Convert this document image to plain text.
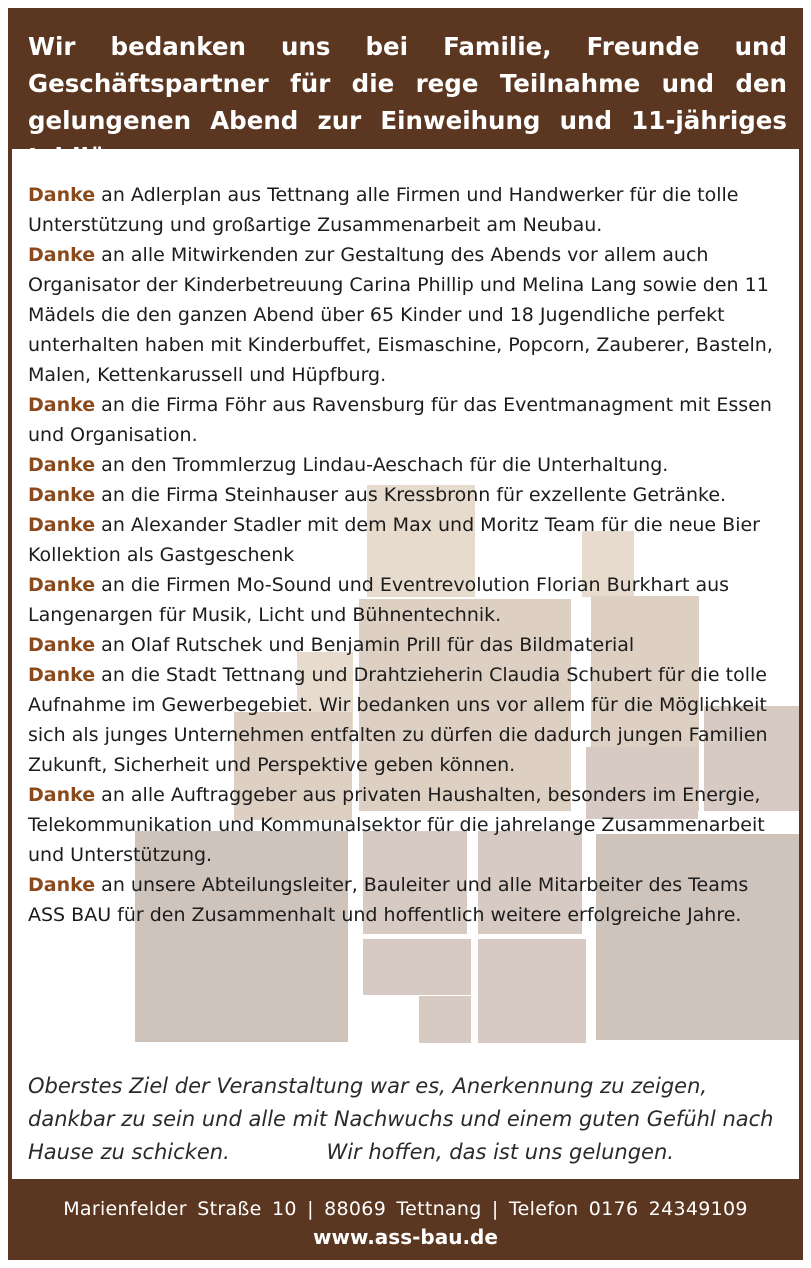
Wir bedanken uns bei Familie, Freunde und Geschäftspartner für die rege Teilnahme und den gelungenen Abend zur Einweihung und 11-jähriges

Danke an Adlerplan aus Tettnang alle Firmen und Handwerker für die tolle Unterstützung und großartige Zusammenarbeit am Neubau.

Danke an alle Mitwirkenden zur Gestaltung des Abends vor allem auch Organisator der Kinderbetreuung Carina Phillip und Melina Lang sowie den 11 Mädels die den ganzen Abend über 65 Kinder und 18 Jugendliche perfekt unterhalten haben mit Kinderbuffet, Eismaschine, Popcorn, Zauberer, Basteln, Malen, Kettenkarussell und Hüpfburg.

Danke an die Firma Föhr aus Ravensburg für das Eventmanagment mit Essen und Organisation.

Danke an den Trommlerzug Lindau-Aeschach für die Unterhaltung.

Danke an die Firma Steinhauser aus Kressbronn für exzellente Getränke.

Danke an Alexander Stadler mit dem Max und Moritz Team für die neue Bier Kollektion als Gastgeschenk

Danke an die Firmen Mo-Sound und Eventrevolution Florian Burkhart aus Langenargen für Musik, Licht und Bühnentechnik.

Danke an Olaf Rutschek und Benjamin Prill für das Bildmaterial

Danke an die Stadt Tettnang und Drahtzieherin Claudia Schubert für die tolle Aufnahme im Gewerbegebiet. Wir bedanken uns vor allem für die Möglichkeit sich als junges Unternehmen entfalten zu dürfen die dadurch jungen Familien Zukunft, Sicherheit und Perspektive geben können.

Danke an alle Auftraggeber aus privaten Haushalten, besonders im Energie, Telekommunikation und Kommunalsektor für die jahrelange Zusammenarbeit und Unterstützung.

Danke an unsere Abteilungsleiter, Bauleiter und alle Mitarbeiter des Teams ASS BAU für den Zusammenhalt und hoffentlich weitere erfolgreiche Jahre.

Oberstes Ziel der Veranstaltung war es, Anerkennung zu zeigen, dankbar zu sein und alle mit Nachwuchs und einem guten Gefühl nach Hause zu schicken.	Wir hoffen, das ist uns gelungen.
Marienfelder Straße 10 | 88069 Tettnang | Telefon 0176 24349109
www.ass-bau.de
